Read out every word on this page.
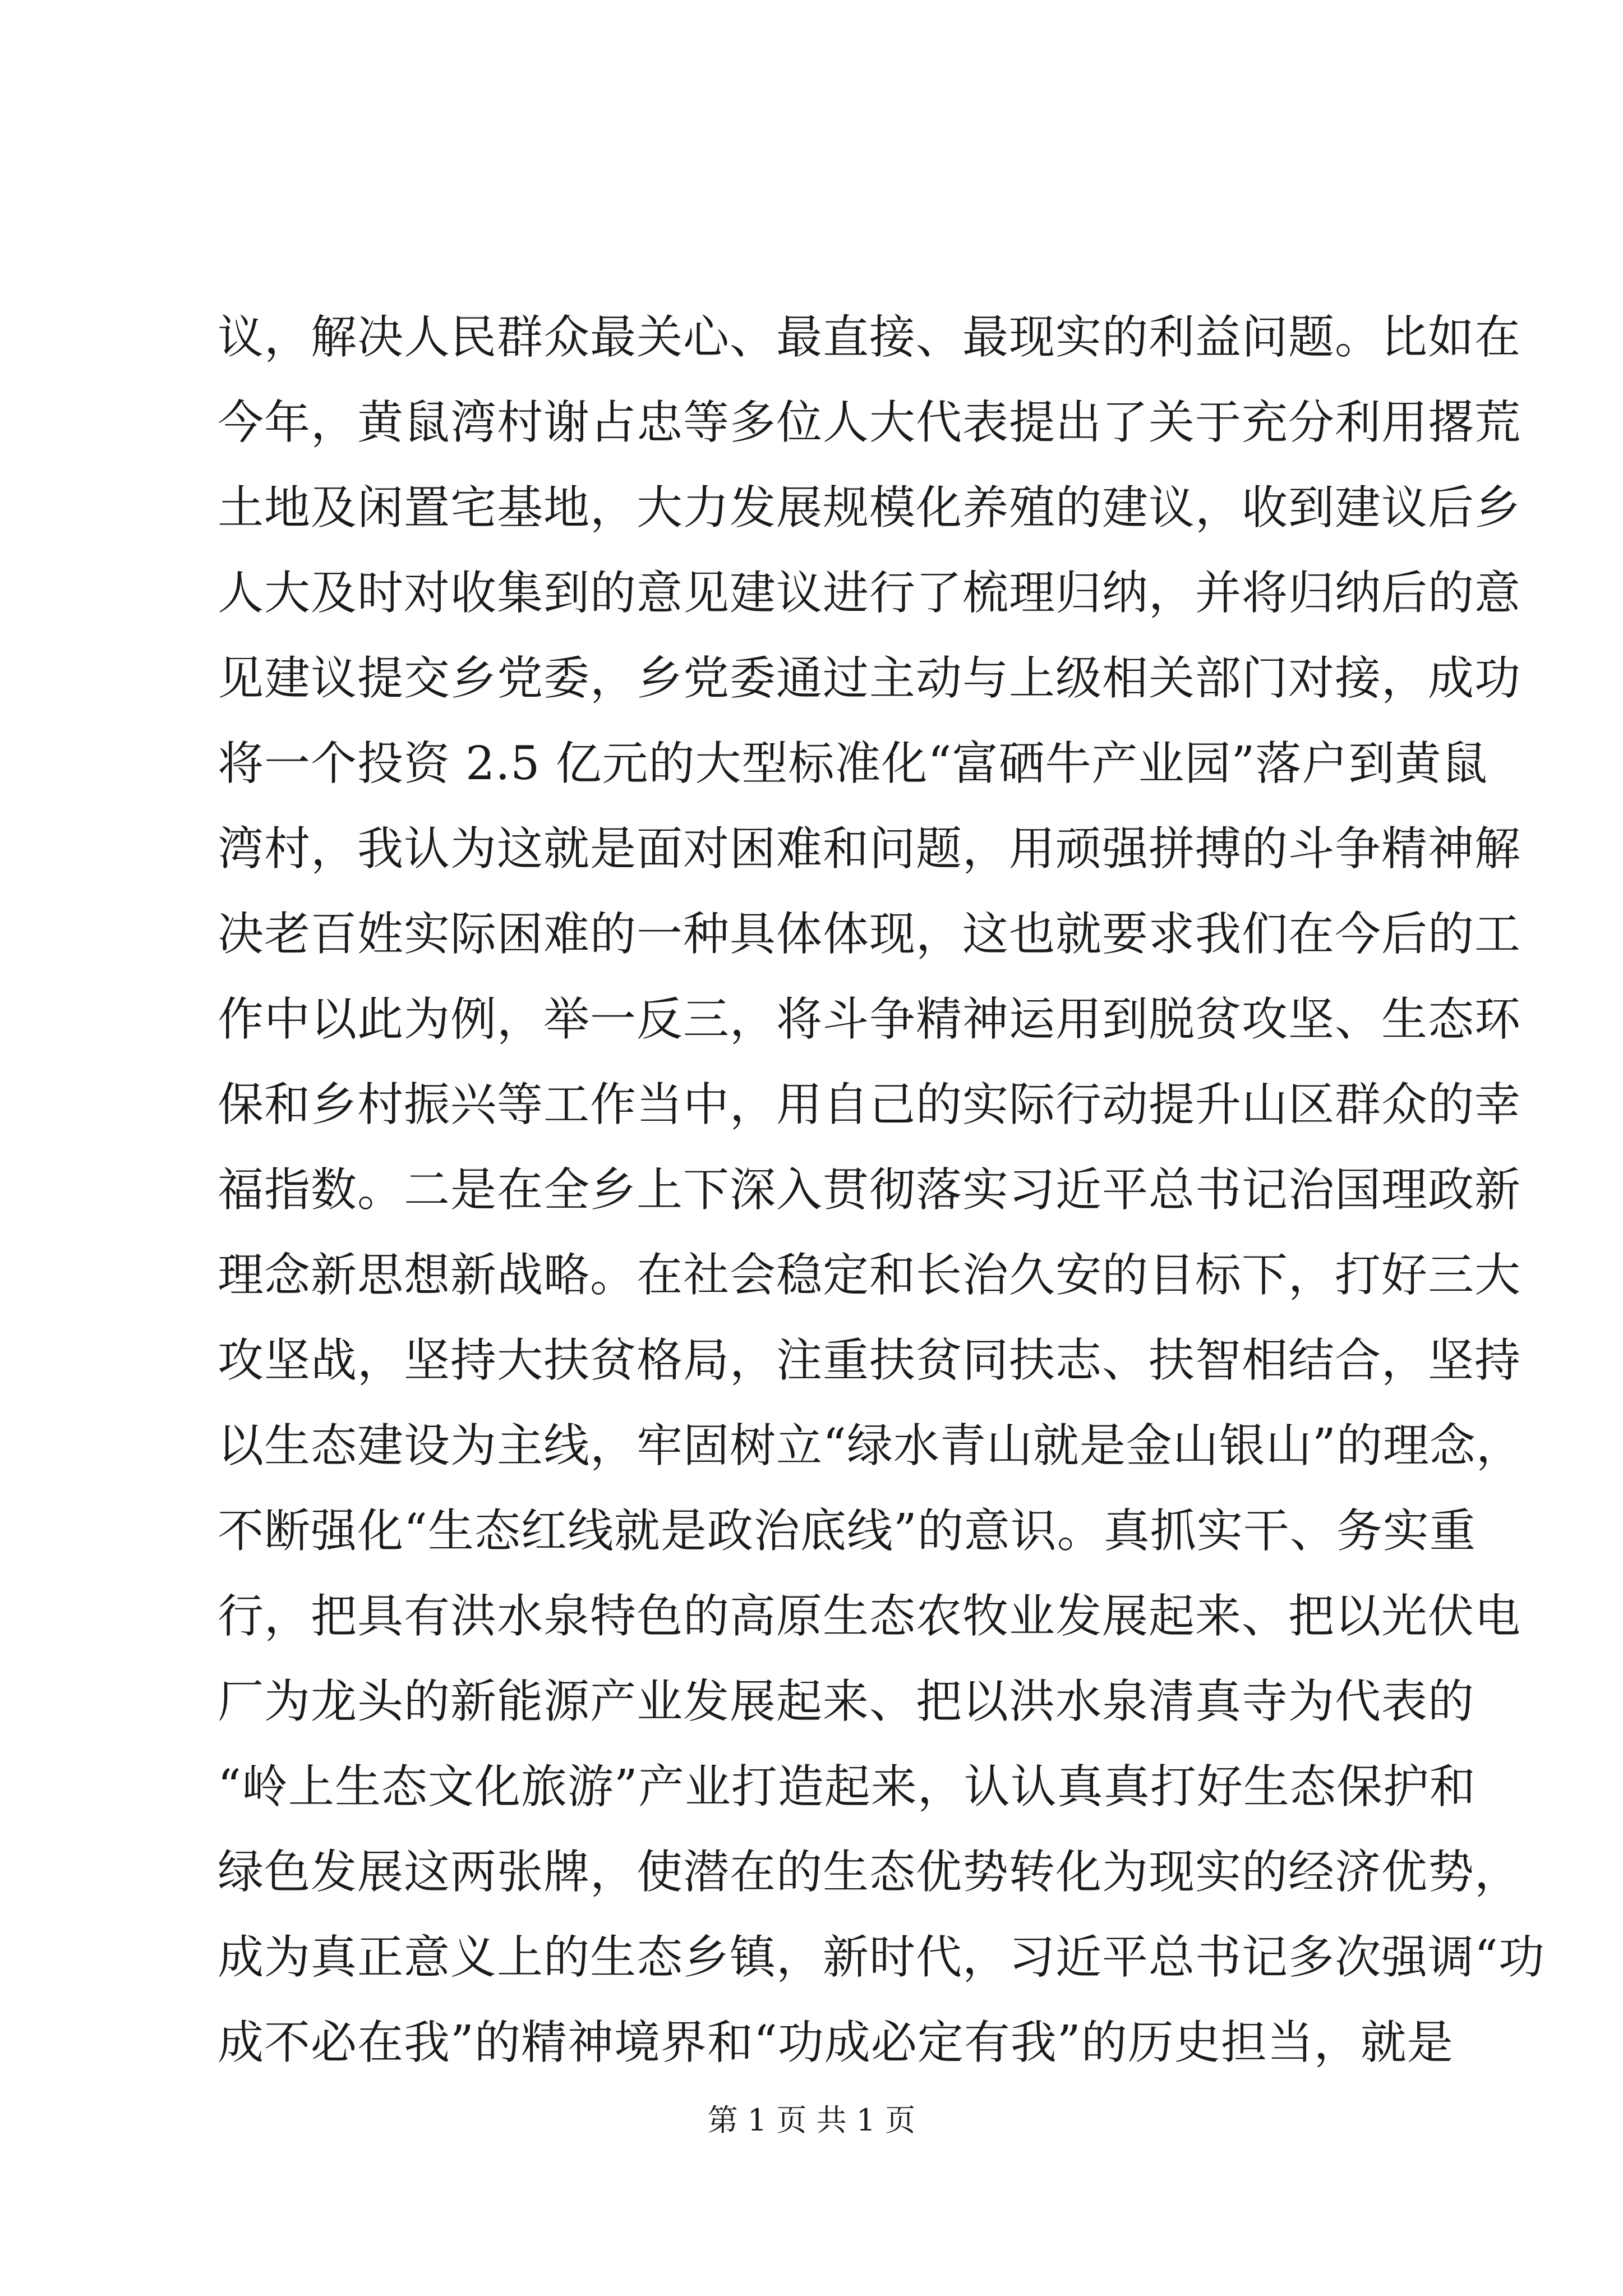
议，解决人民群众最关心、最直接、最现实的利益问题。比如在
今年，黄鼠湾村谢占忠等多位人大代表提出了关于充分利用撂荒
土地及闲置宅基地，大力发展规模化养殖的建议，收到建议后乡
人大及时对收集到的意见建议进行了梳理归纳，并将归纳后的意
见建议提交乡党委，乡党委通过主动与上级相关部门对接，成功
将一个投资 2.5 亿元的大型标准化“富硒牛产业园”落户到黄鼠
湾村，我认为这就是面对困难和问题，用顽强拼搏的斗争精神解
决老百姓实际困难的一种具体体现，这也就要求我们在今后的工
作中以此为例，举一反三，将斗争精神运用到脱贫攻坚、生态环
保和乡村振兴等工作当中，用自己的实际行动提升山区群众的幸
福指数。二是在全乡上下深入贯彻落实习近平总书记治国理政新
理念新思想新战略。在社会稳定和长治久安的目标下，打好三大
攻坚战，坚持大扶贫格局，注重扶贫同扶志、扶智相结合，坚持
以生态建设为主线，牢固树立“绿水青山就是金山银山”的理念，
不断强化“生态红线就是政治底线”的意识。真抓实干、务实重
行，把具有洪水泉特色的高原生态农牧业发展起来、把以光伏电
厂为龙头的新能源产业发展起来、把以洪水泉清真寺为代表的
“岭上生态文化旅游”产业打造起来，认认真真打好生态保护和
绿色发展这两张牌，使潜在的生态优势转化为现实的经济优势，
成为真正意义上的生态乡镇，新时代，习近平总书记多次强调“功
成不必在我”的精神境界和“功成必定有我”的历史担当，就是
第 1 页 共 1 页
